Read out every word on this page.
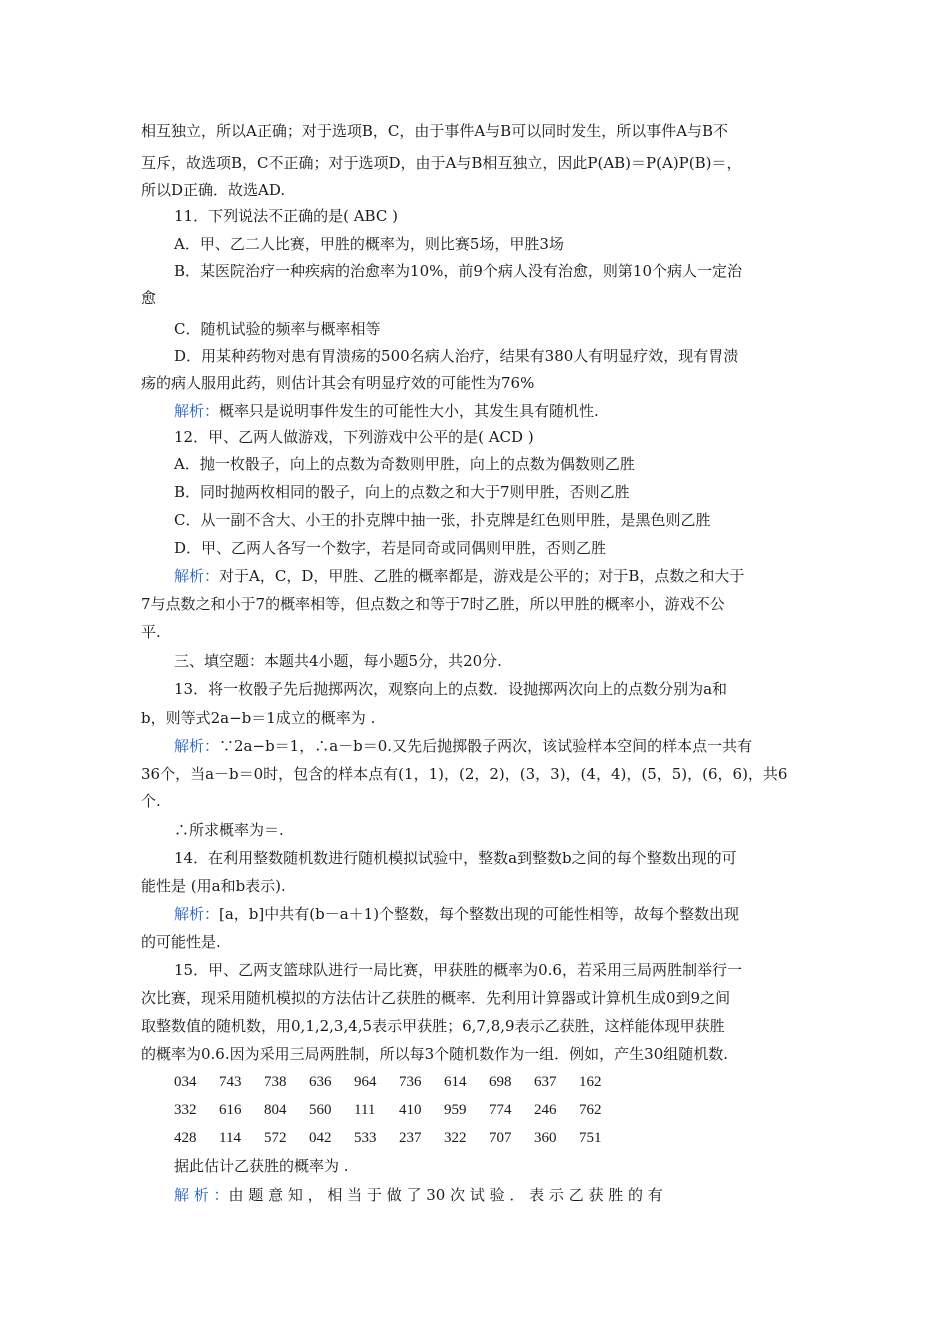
相互独立，所以A正确；对于选项B，C，由于事件A与B可以同时发生，所以事件A与B不
互斥，故选项B，C不正确；对于选项D，由于A与B相互独立，因此P(AB)＝P(A)P(B)＝，
所以D正确．故选AD.
11．下列说法不正确的是( ABC )
A．甲、乙二人比赛，甲胜的概率为，则比赛5场，甲胜3场
B．某医院治疗一种疾病的治愈率为10%，前9个病人没有治愈，则第10个病人一定治
愈
C．随机试验的频率与概率相等
D．用某种药物对患有胃溃疡的500名病人治疗，结果有380人有明显疗效，现有胃溃
疡的病人服用此药，则估计其会有明显疗效的可能性为76%
解析：概率只是说明事件发生的可能性大小，其发生具有随机性.
12．甲、乙两人做游戏，下列游戏中公平的是( ACD )
A．抛一枚骰子，向上的点数为奇数则甲胜，向上的点数为偶数则乙胜
B．同时抛两枚相同的骰子，向上的点数之和大于7则甲胜，否则乙胜
C．从一副不含大、小王的扑克牌中抽一张，扑克牌是红色则甲胜，是黑色则乙胜
D．甲、乙两人各写一个数字，若是同奇或同偶则甲胜，否则乙胜
解析：对于A，C，D，甲胜、乙胜的概率都是，游戏是公平的；对于B，点数之和大于
7与点数之和小于7的概率相等，但点数之和等于7时乙胜，所以甲胜的概率小，游戏不公
平.
三、填空题：本题共4小题，每小题5分，共20分.
13．将一枚骰子先后抛掷两次，观察向上的点数．设抛掷两次向上的点数分别为a和
b，则等式2a−b＝1成立的概率为 .
解析：∵2a−b＝1，∴a－b＝0.又先后抛掷骰子两次，该试验样本空间的样本点一共有
36个，当a－b＝0时，包含的样本点有(1，1)，(2，2)，(3，3)，(4，4)，(5，5)，(6，6)，共6
个.
∴所求概率为＝.
14．在利用整数随机数进行随机模拟试验中，整数a到整数b之间的每个整数出现的可
能性是 (用a和b表示).
解析：[a，b]中共有(b－a＋1)个整数，每个整数出现的可能性相等，故每个整数出现
的可能性是.
15．甲、乙两支篮球队进行一局比赛，甲获胜的概率为0.6，若采用三局两胜制举行一
次比赛，现采用随机模拟的方法估计乙获胜的概率．先利用计算器或计算机生成0到9之间
取整数值的随机数，用0,1,2,3,4,5表示甲获胜；6,7,8,9表示乙获胜，这样能体现甲获胜
的概率为0.6.因为采用三局两胜制，所以每3个随机数作为一组．例如，产生30组随机数.
034 743 738 636 964 736 614 698 637 162
332 616 804 560 111 410 959 774 246 762
428 114 572 042 533 237 322 707 360 751
据此估计乙获胜的概率为 .
解 析 ：由 题 意 知 ， 相 当 于 做 了 30 次 试 验 ． 表 示 乙 获 胜 的 有
